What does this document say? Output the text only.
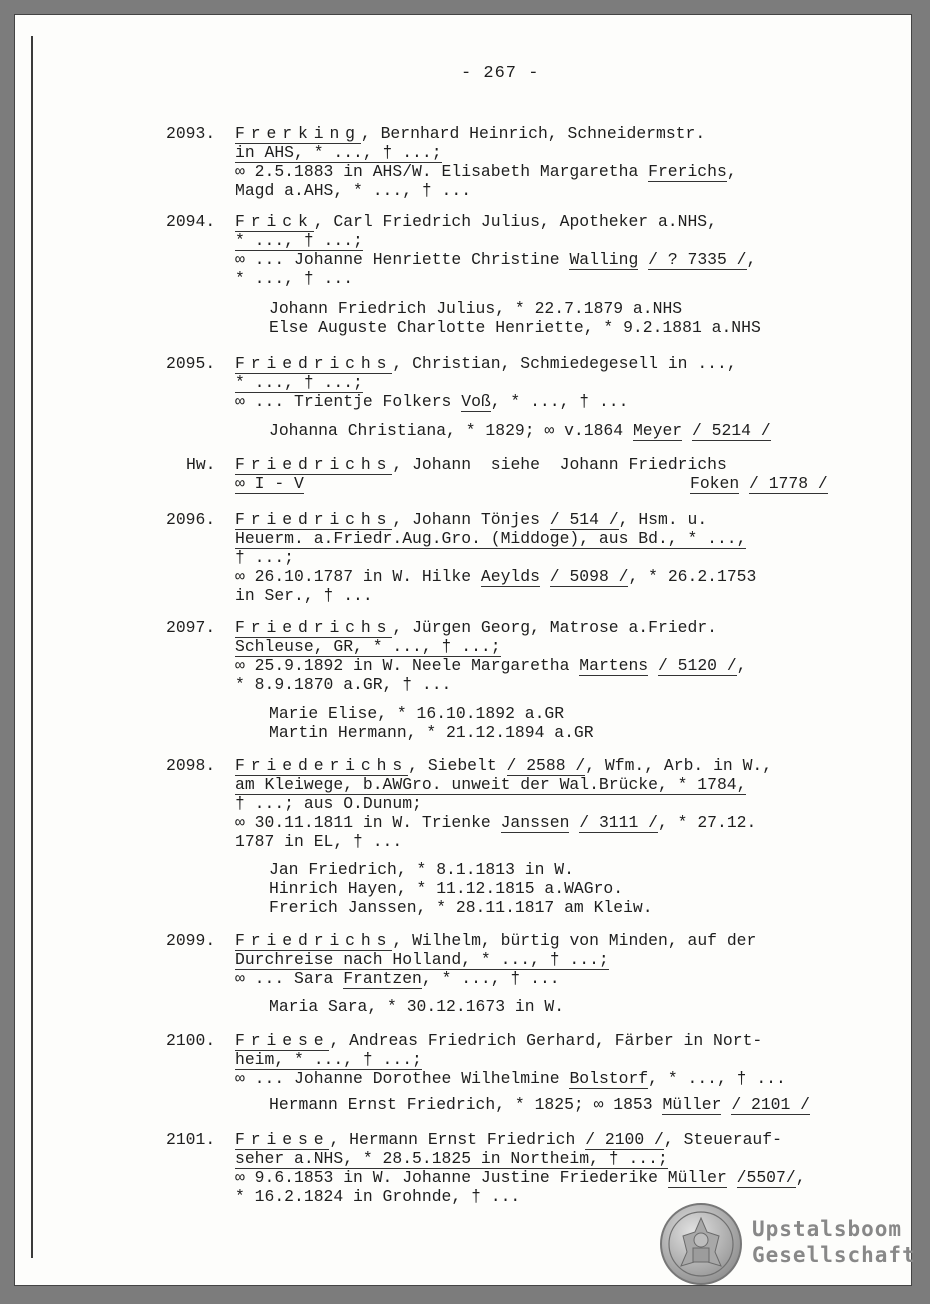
- 267 -
2093. Frerking, Bernhard Heinrich, Schneidermstr.
in AHS, * ..., † ...;
∞ 2.5.1883 in AHS/W. Elisabeth Margaretha Frerichs,
Magd a.AHS, * ..., † ...
2094. Frick, Carl Friedrich Julius, Apotheker a.NHS,
* ..., † ...;
∞ ... Johanne Henriette Christine Walling / ? 7335 /,
* ..., † ...
Johann Friedrich Julius, * 22.7.1879 a.NHS
Else Auguste Charlotte Henriette, * 9.2.1881 a.NHS
2095. Friedrichs, Christian, Schmiedegesell in ...,
* ..., † ...;
∞ ... Trientje Folkers Voß, * ..., † ...
Johanna Christiana, * 1829; ∞ v.1864 Meyer / 5214 /
Hw. Friedrichs, Johann  siehe  Johann Friedrichs
∞ I - V	Foken / 1778 /
2096. Friedrichs, Johann Tönjes / 514 /, Hsm. u.
Heuerm. a.Friedr.Aug.Gro. (Middoge), aus Bd., * ...,
† ...;
∞ 26.10.1787 in W. Hilke Aeylds / 5098 /, * 26.2.1753
in Ser., † ...
2097. Friedrichs, Jürgen Georg, Matrose a.Friedr.
Schleuse, GR, * ..., † ...;
∞ 25.9.1892 in W. Neele Margaretha Martens / 5120 /,
* 8.9.1870 a.GR, † ...
Marie Elise, * 16.10.1892 a.GR
Martin Hermann, * 21.12.1894 a.GR
2098. Friederichs, Siebelt / 2588 /, Wfm., Arb. in W.,
am Kleiwege, b.AWGro. unweit der Wal.Brücke, * 1784,
† ...; aus O.Dunum;
∞ 30.11.1811 in W. Trienke Janssen / 3111 /, * 27.12.
1787 in EL, † ...
Jan Friedrich, * 8.1.1813 in W.
Hinrich Hayen, * 11.12.1815 a.WAGro.
Frerich Janssen, * 28.11.1817 am Kleiw.
2099. Friedrichs, Wilhelm, bürtig von Minden, auf der
Durchreise nach Holland, * ..., † ...;
∞ ... Sara Frantzen, * ..., † ...
Maria Sara, * 30.12.1673 in W.
2100. Friese, Andreas Friedrich Gerhard, Färber in Nort-
heim, * ..., † ...;
∞ ... Johanne Dorothee Wilhelmine Bolstorf, * ..., † ...
Hermann Ernst Friedrich, * 1825; ∞ 1853 Müller / 2101 /
2101. Friese, Hermann Ernst Friedrich / 2100 /, Steuerauf-
seher a.NHS, * 28.5.1825 in Northeim, † ...;
∞ 9.6.1853 in W. Johanne Justine Friederike Müller /5507/,
* 16.2.1824 in Grohnde, † ...
Upstalsboom
Gesellschaft
